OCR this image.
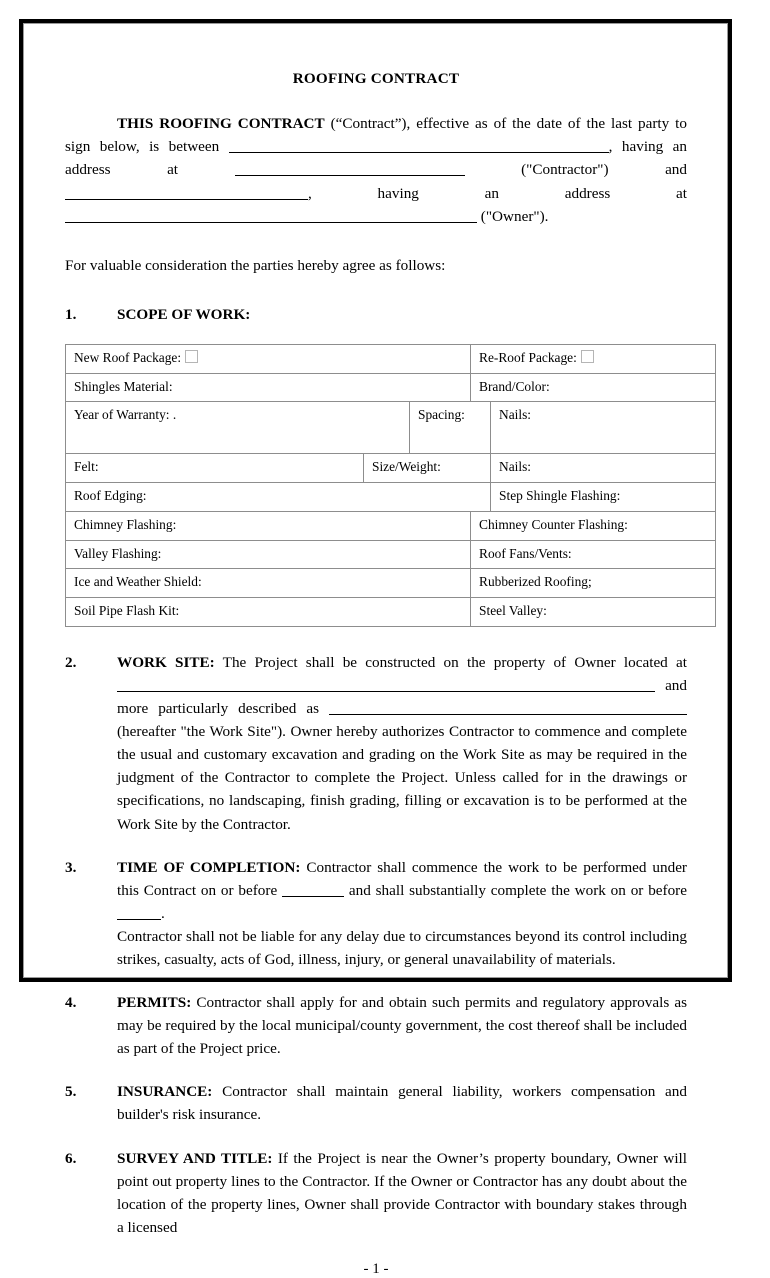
ROOFING CONTRACT

THIS ROOFING CONTRACT (“Contract”), effective as of the date of the last party to sign below, is between	, having an address at	("Contractor") and , having an address at  ("Owner").

For valuable consideration the parties hereby agree as follows:

1.	SCOPE OF WORK:
New Roof Package:			Re-Roof Package:	
Shingles Material:			Brand/Color:	
Year of Warranty: .		Spacing:		Nails:
Felt:	Size/Weight:			Nails:
Roof Edging:				Step Shingle Flashing:
Chimney Flashing:			Chimney Counter Flashing:	
Valley Flashing:			Roof Fans/Vents:	
Ice and Weather Shield:			Rubberized Roofing;	
Soil Pipe Flash Kit:			Steel Valley:	
2.	WORK SITE: The Project shall be constructed on the property of Owner located at  and more particularly described as  (hereafter "the Work Site"). Owner hereby authorizes Contractor to commence and complete the usual and customary excavation and grading on the Work Site as may be required in the judgment of the Contractor to complete the Project. Unless called for in the drawings or specifications, no landscaping, finish grading, filling or excavation is to be performed at the Work Site by the Contractor.
3.	TIME OF COMPLETION: Contractor shall commence the work to be performed under this Contract on or before	and shall substantially complete the work on or before .
Contractor shall not be liable for any delay due to circumstances beyond its control including strikes, casualty, acts of God, illness, injury, or general unavailability of materials.
4.	PERMITS: Contractor shall apply for and obtain such permits and regulatory approvals as may be required by the local municipal/county government, the cost thereof shall be included as part of the Project price.
5.	INSURANCE: Contractor shall maintain general liability, workers compensation and builder's risk insurance.
6.	SURVEY AND TITLE: If the Project is near the Owner’s property boundary, Owner will point out property lines to the Contractor. If the Owner or Contractor has any doubt about the location of the property lines, Owner shall provide Contractor with boundary stakes through a licensed
- 1 -
